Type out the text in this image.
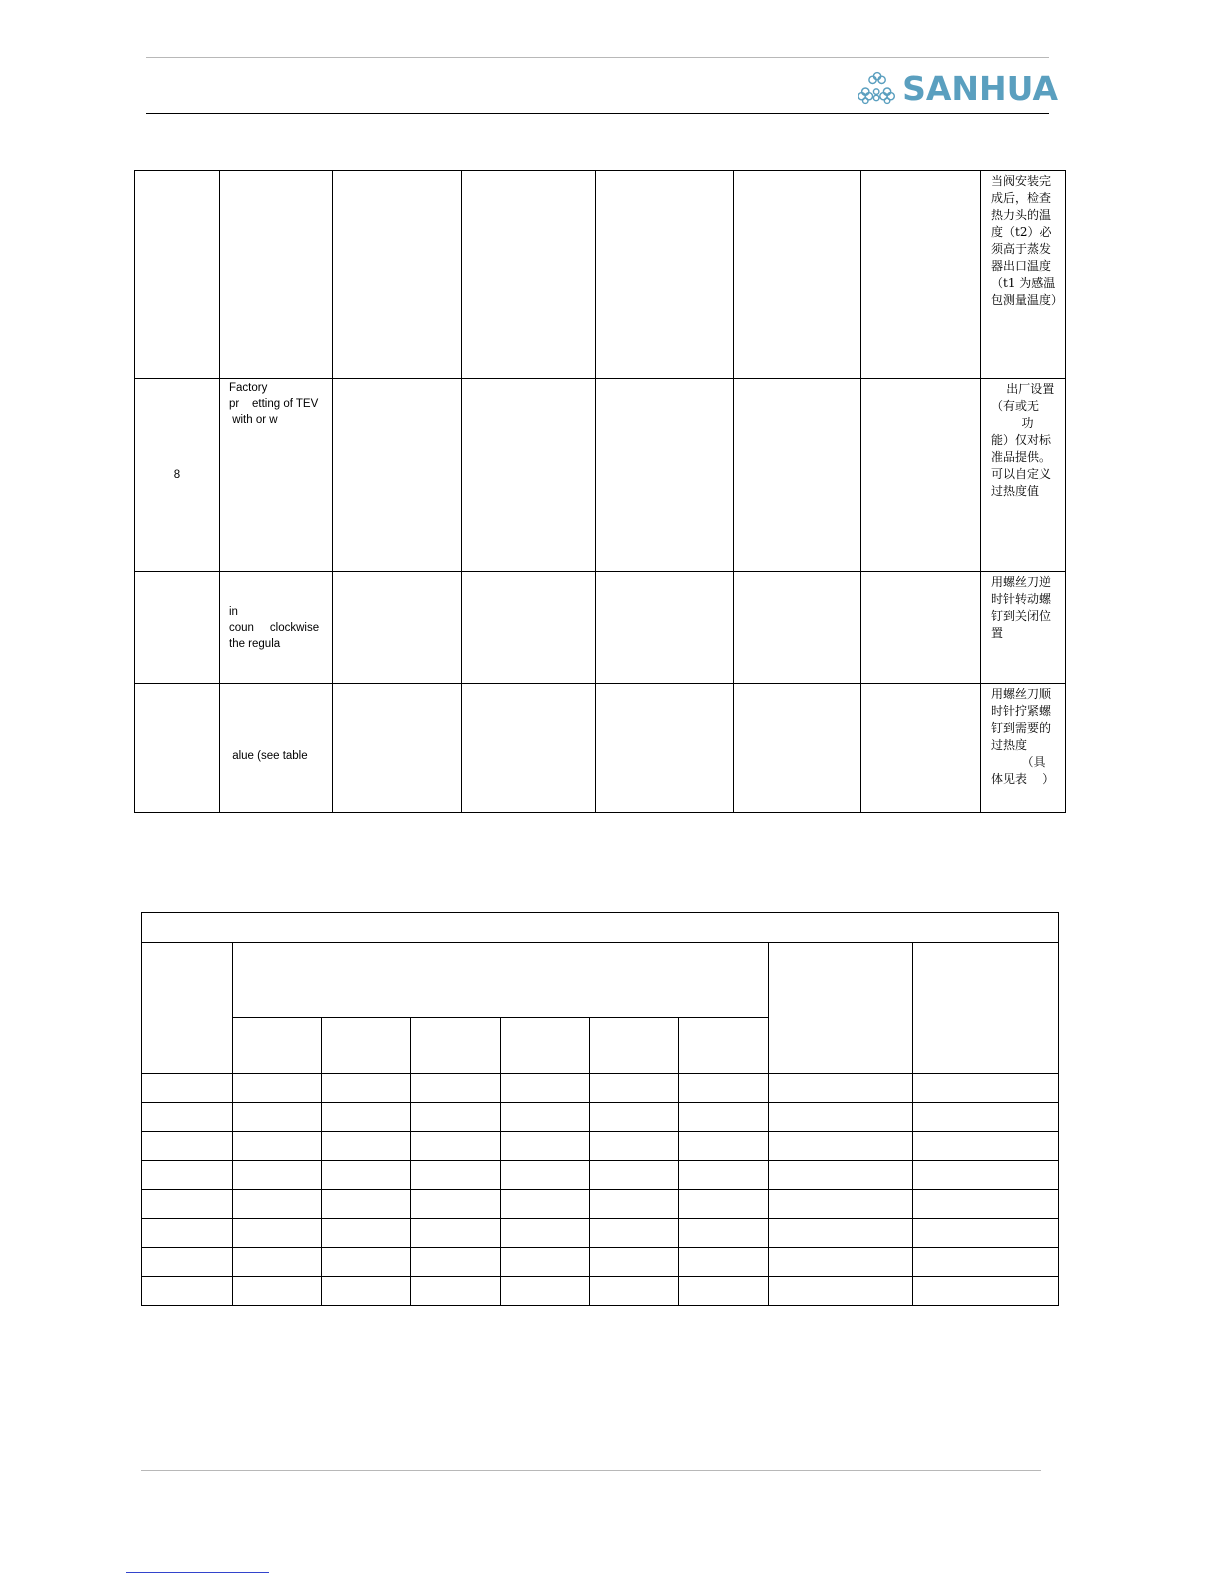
SANHUA

							当阀安装完成后，检查热力头的温度（t2）必须高于蒸发器出口温度（t1 为感温包测量温度）

8	Factory
pr    etting of TEV
with or w						出厂设置（有或无
功
能）仅对标准品提供。可以自定义过热度值

in
coun     clockwise
the regula						用螺丝刀逆时针转动螺钉到关闭位置

alue (see table						用螺丝刀顺时针拧紧螺钉到需要的过热度
（具
体见表    ）
